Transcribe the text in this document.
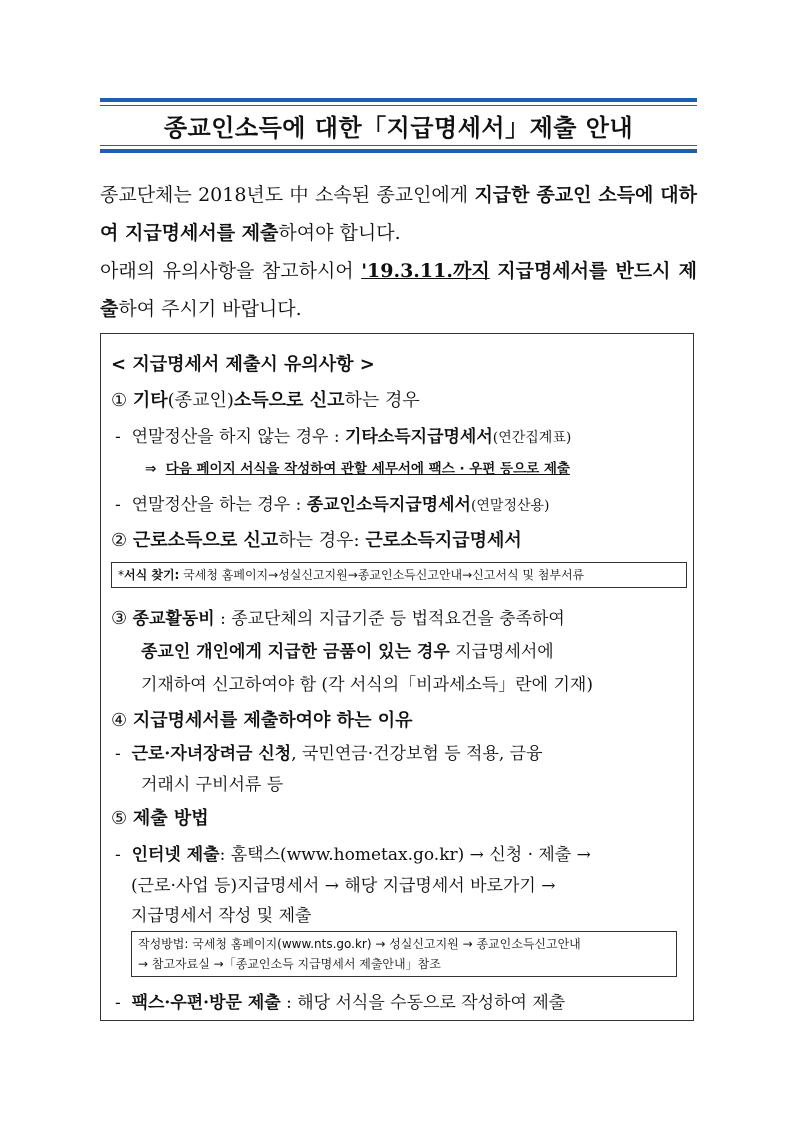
종교인소득에 대한「지급명세서」제출 안내

종교단체는 2018년도 中 소속된 종교인에게 지급한 종교인 소득에 대하여 지급명세서를 제출하여야 합니다.

아래의 유의사항을 참고하시어 '19.3.11.까지 지급명세서를 반드시 제출하여 주시기 바랍니다.

< 지급명세서 제출시 유의사항 >
① 기타(종교인)소득으로 신고하는 경우
- 연말정산을 하지 않는 경우 : 기타소득지급명세서(연간집계표)
⇒ 다음 페이지 서식을 작성하여 관할 세무서에 팩스 · 우편 등으로 제출
- 연말정산을 하는 경우 : 종교인소득지급명세서(연말정산용)
② 근로소득으로 신고하는 경우: 근로소득지급명세서
*서식 찾기: 국세청 홈페이지→성실신고지원→종교인소득신고안내→신고서식 및 첨부서류
③ 종교활동비 : 종교단체의 지급기준 등 법적요건을 충족하여
종교인 개인에게 지급한 금품이 있는 경우 지급명세서에
기재하여 신고하여야 함 (각 서식의「비과세소득」란에 기재)
④ 지급명세서를 제출하여야 하는 이유
- 근로·자녀장려금 신청, 국민연금·건강보험 등 적용, 금융
거래시 구비서류 등
⑤ 제출 방법
- 인터넷 제출: 홈택스(www.hometax.go.kr) → 신청 · 제출 →
(근로·사업 등)지급명세서 → 해당 지급명세서 바로가기 →
지급명세서 작성 및 제출
작성방법: 국세청 홈페이지(www.nts.go.kr) → 성실신고지원 → 종교인소득신고안내
→ 참고자료실 →「종교인소득 지급명세서 제출안내」참조
- 팩스·우편·방문 제출 : 해당 서식을 수동으로 작성하여 제출
